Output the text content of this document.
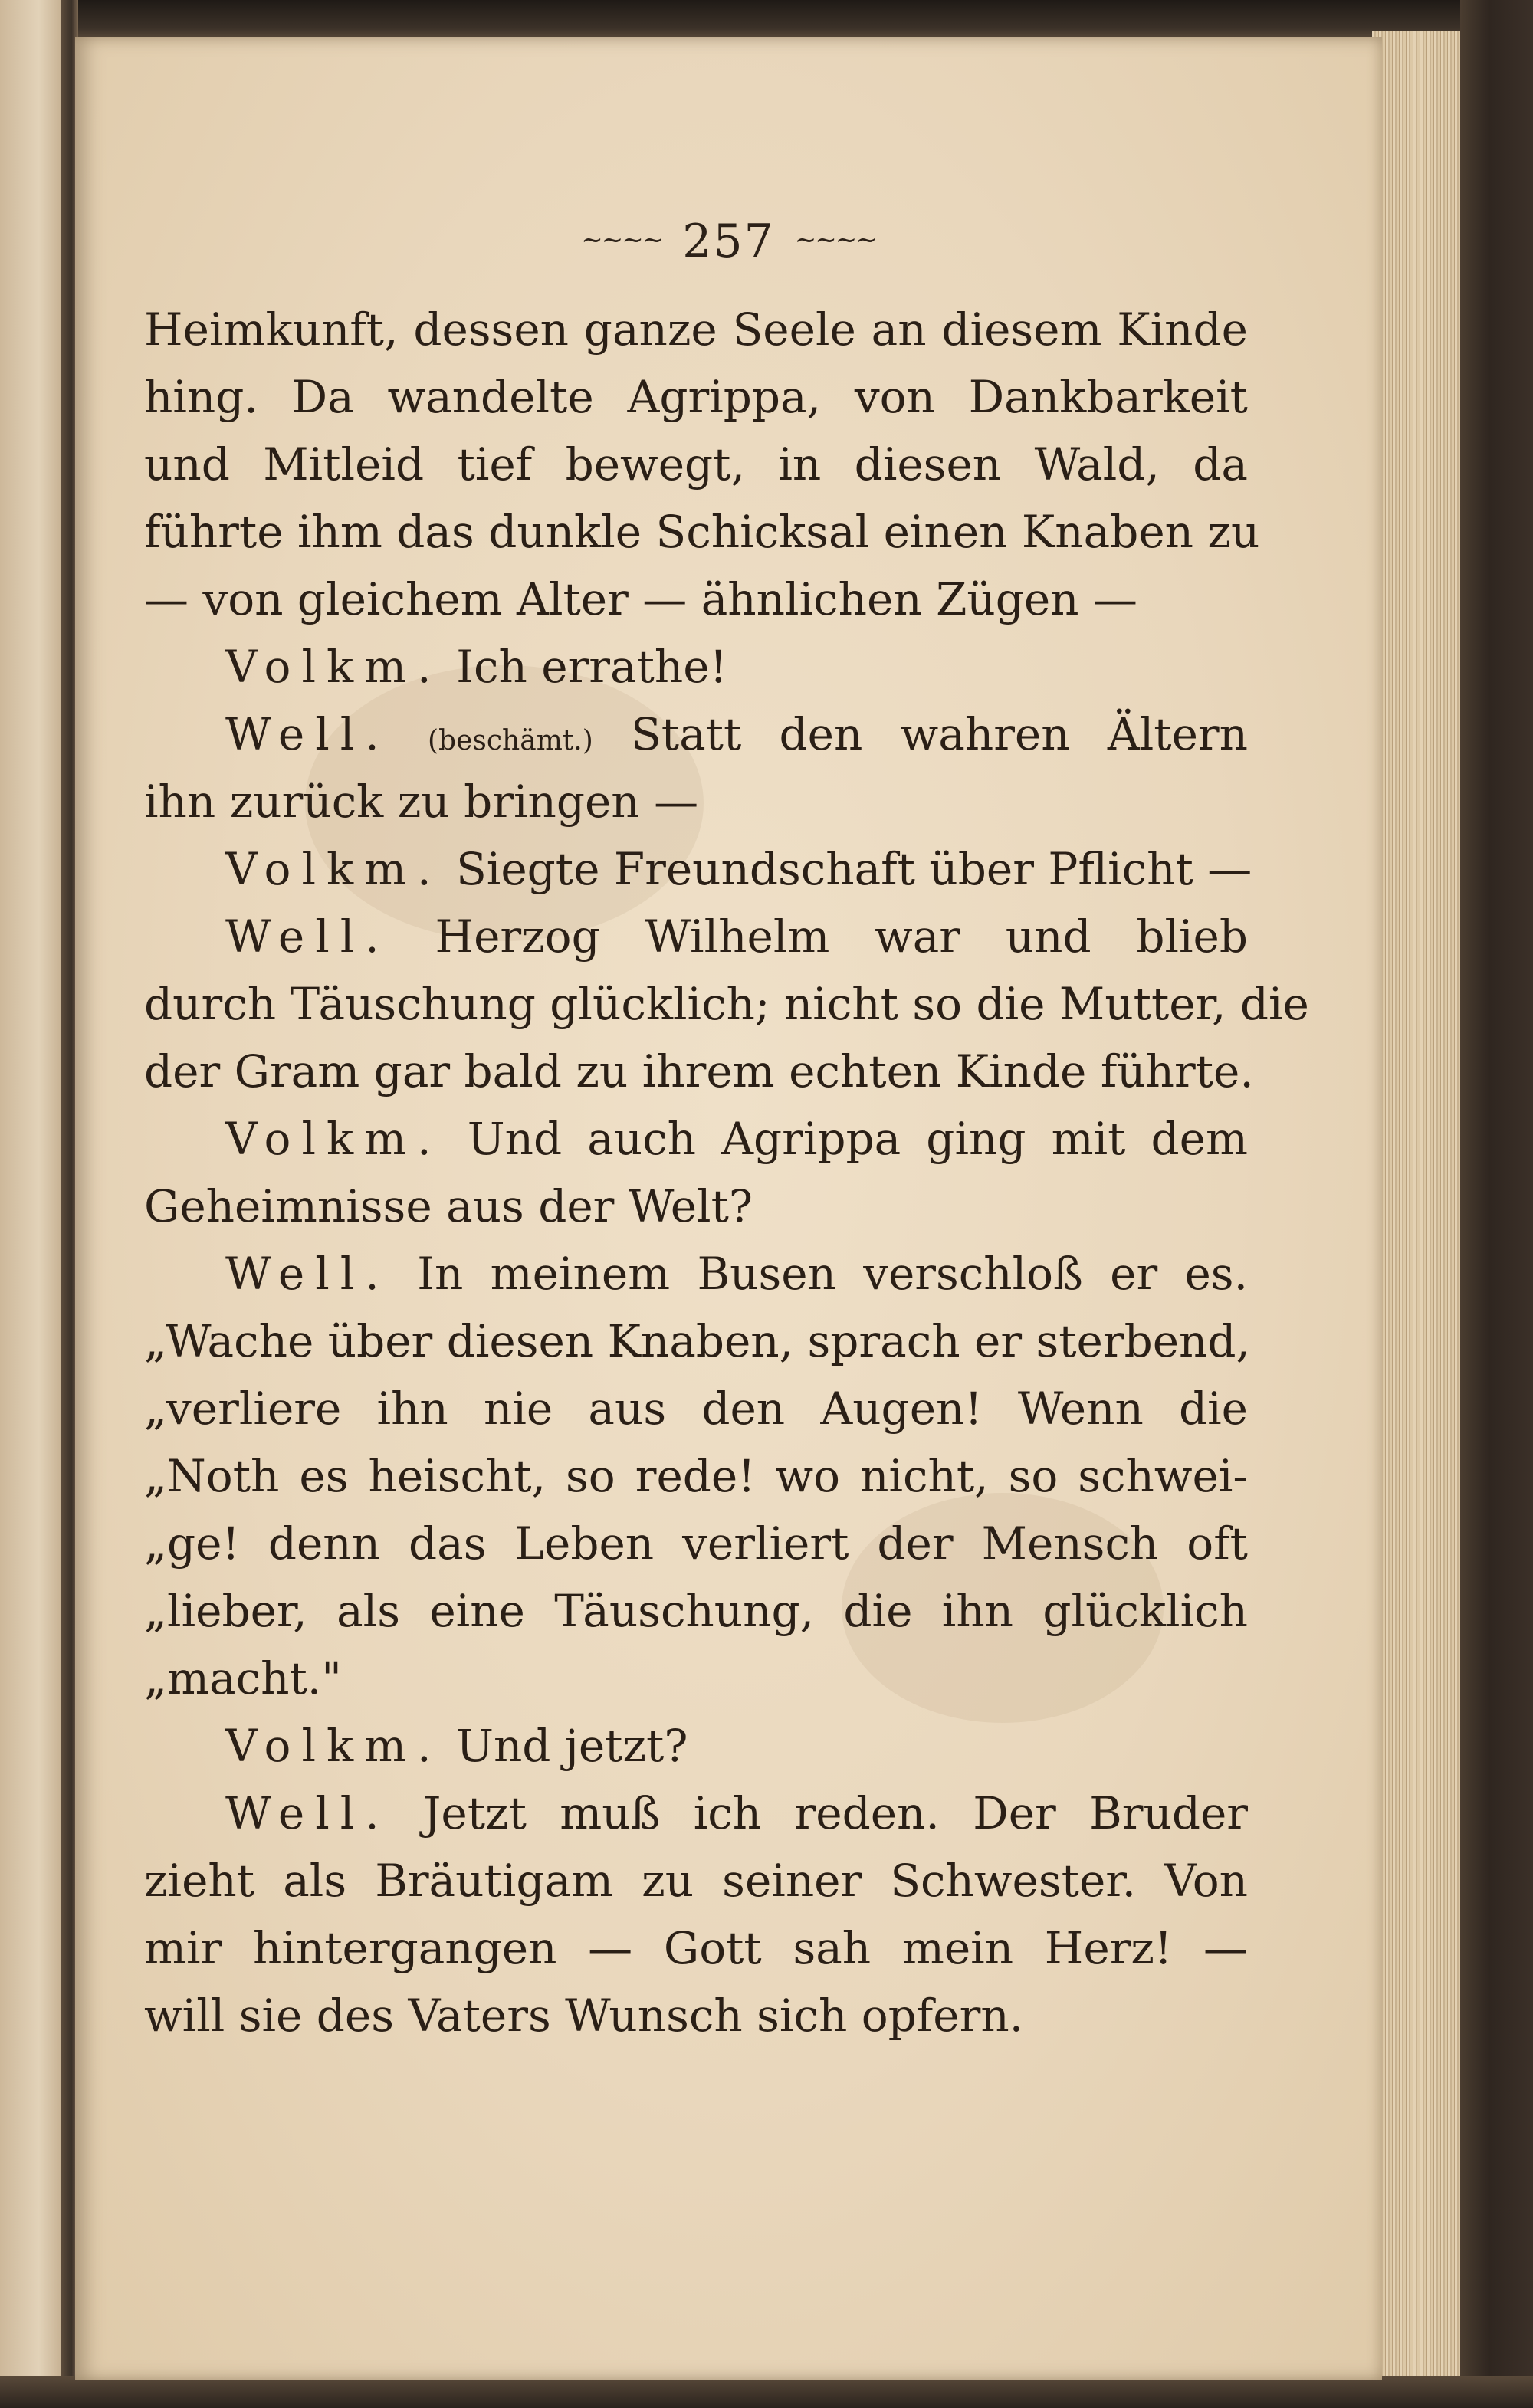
~~~~ 257 ~~~~
Heimkunft, dessen ganze Seele an diesem Kinde
hing. Da wandelte Agrippa, von Dankbarkeit
und Mitleid tief bewegt, in diesen Wald, da
führte ihm das dunkle Schicksal einen Knaben zu
— von gleichem Alter — ähnlichen Zügen —
Volkm. Ich errathe!
Well. (beschämt.) Statt den wahren Ältern
ihn zurück zu bringen —
Volkm. Siegte Freundschaft über Pflicht —
Well. Herzog Wilhelm war und blieb
durch Täuschung glücklich; nicht so die Mutter, die
der Gram gar bald zu ihrem echten Kinde führte.
Volkm. Und auch Agrippa ging mit dem
Geheimnisse aus der Welt?
Well. In meinem Busen verschloß er es.
„Wache über diesen Knaben, sprach er sterbend,
„verliere ihn nie aus den Augen! Wenn die
„Noth es heischt, so rede! wo nicht, so schwei-
„ge! denn das Leben verliert der Mensch oft
„lieber, als eine Täuschung, die ihn glücklich
„macht."
Volkm. Und jetzt?
Well. Jetzt muß ich reden. Der Bruder
zieht als Bräutigam zu seiner Schwester. Von
mir hintergangen — Gott sah mein Herz! —
will sie des Vaters Wunsch sich opfern.
